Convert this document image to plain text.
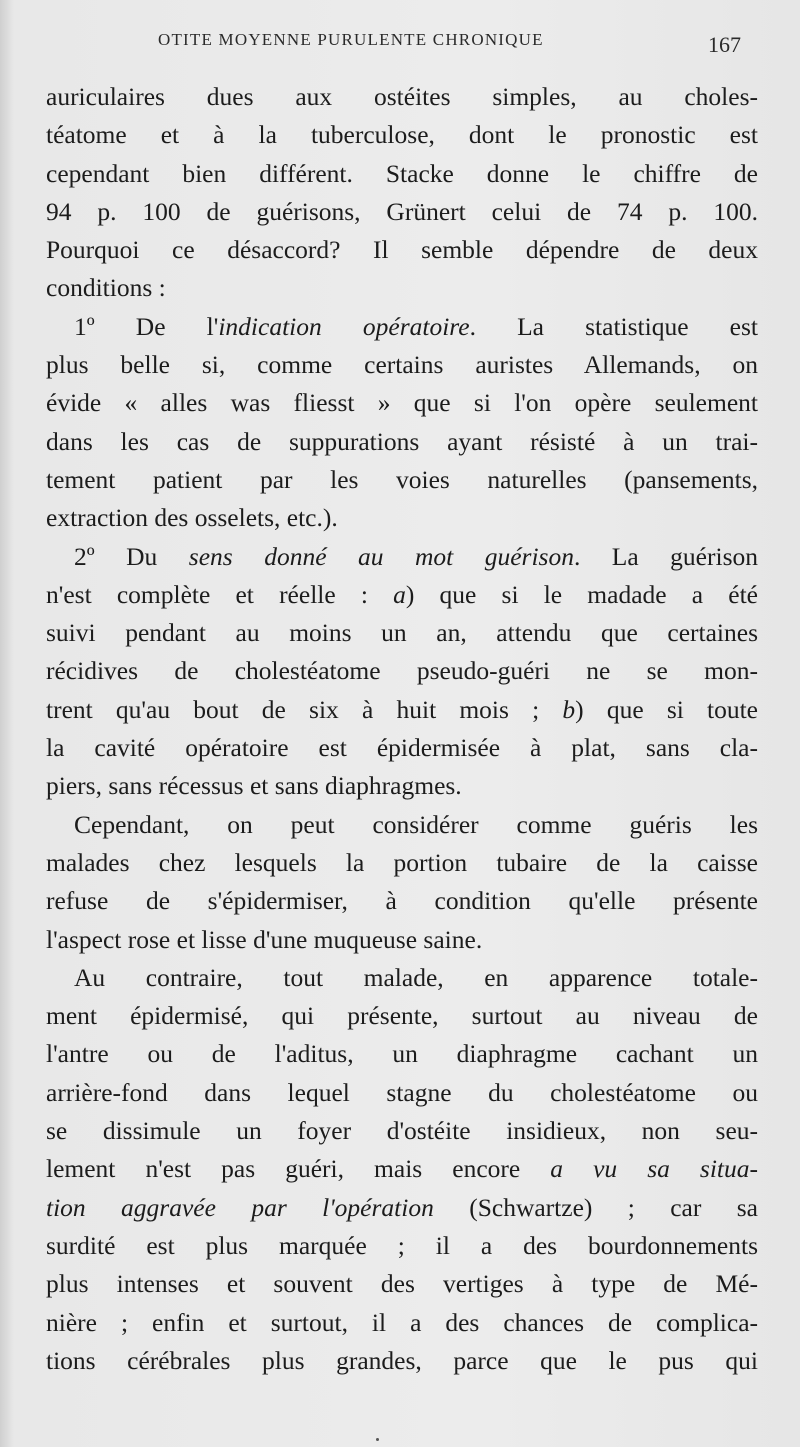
OTITE MOYENNE PURULENTE CHRONIQUE	167
auriculaires dues aux ostéites simples, au choles-
téatome et à la tuberculose, dont le pronostic est
cependant bien différent. Stacke donne le chiffre de
94 p. 100 de guérisons, Grünert celui de 74 p. 100.
Pourquoi ce désaccord? Il semble dépendre de deux
conditions :
1º De l'indication opératoire. La statistique est
plus belle si, comme certains auristes Allemands, on
évide « alles was fliesst » que si l'on opère seulement
dans les cas de suppurations ayant résisté à un trai-
tement patient par les voies naturelles (pansements,
extraction des osselets, etc.).
2º Du sens donné au mot guérison. La guérison
n'est complète et réelle : a) que si le madade a été
suivi pendant au moins un an, attendu que certaines
récidives de cholestéatome pseudo-guéri ne se mon-
trent qu'au bout de six à huit mois ; b) que si toute
la cavité opératoire est épidermisée à plat, sans cla-
piers, sans récessus et sans diaphragmes.
Cependant, on peut considérer comme guéris les
malades chez lesquels la portion tubaire de la caisse
refuse de s'épidermiser, à condition qu'elle présente
l'aspect rose et lisse d'une muqueuse saine.
Au contraire, tout malade, en apparence totale-
ment épidermisé, qui présente, surtout au niveau de
l'antre ou de l'aditus, un diaphragme cachant un
arrière-fond dans lequel stagne du cholestéatome ou
se dissimule un foyer d'ostéite insidieux, non seu-
lement n'est pas guéri, mais encore a vu sa situa-
tion aggravée par l'opération (Schwartze) ; car sa
surdité est plus marquée ; il a des bourdonnements
plus intenses et souvent des vertiges à type de Mé-
nière ; enfin et surtout, il a des chances de complica-
tions cérébrales plus grandes, parce que le pus qui
